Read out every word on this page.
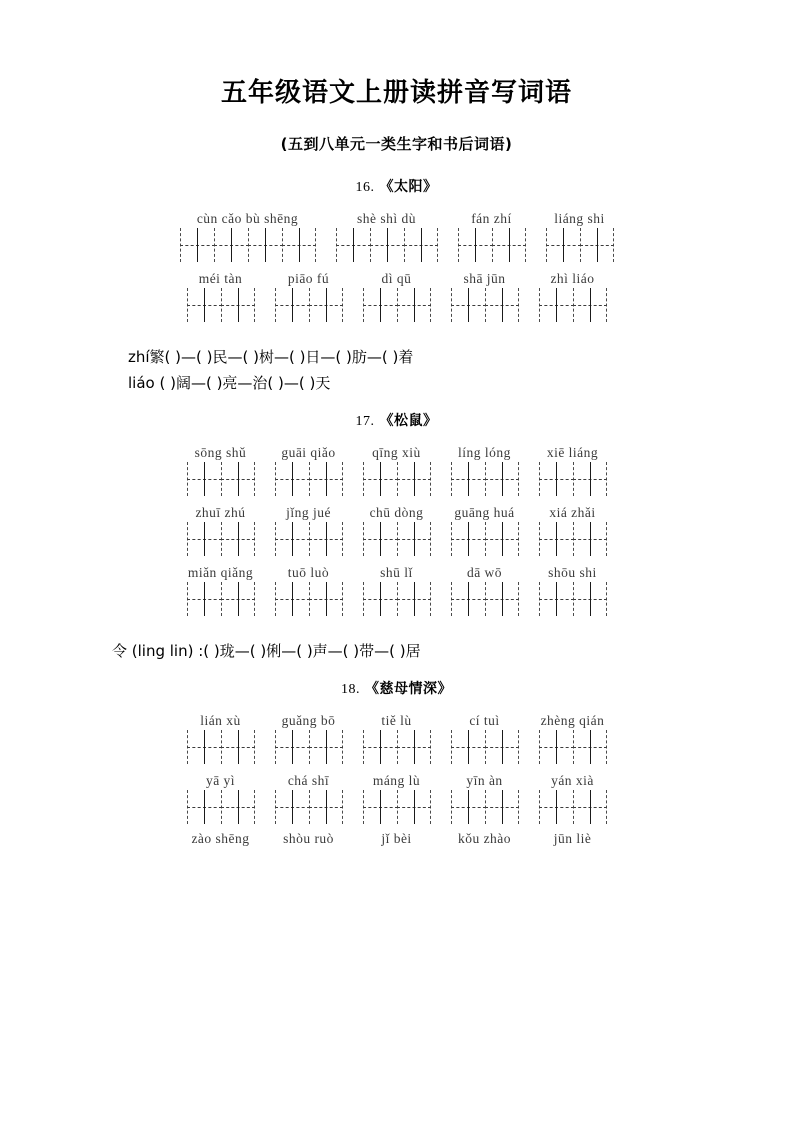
五年级语文上册读拼音写词语
(五到八单元一类生字和书后词语)
16. 《太阳》
cùn cǎo bù shēng	shè shì dù	fán zhí	liáng shi
méi tàn	piāo fú	dì qū	shā jūn	zhì liáo
zhí繁( )—( )民—( )树—( )日—( )肪—( )着
liáo ( )阔—( )亮—治( )—( )天
17. 《松鼠》
sōng shǔ	guāi qiǎo	qīng xiù	líng lóng	xiē liáng
zhuī zhú	jǐng jué	chū dòng	guāng huá	xiá zhǎi
miǎn qiǎng	tuō luò	shū lǐ	dā wō	shōu shi
令 (ling lin) :( )珑—( )俐—( )声—( )带—( )居
18. 《慈母情深》
lián xù	guǎng bō	tiě lù	cí tuì	zhèng qián
yā yì	chá shī	máng lù	yīn àn	yán xià
zào shēng	shòu ruò	jǐ bèi	kǒu zhào	jūn liè
